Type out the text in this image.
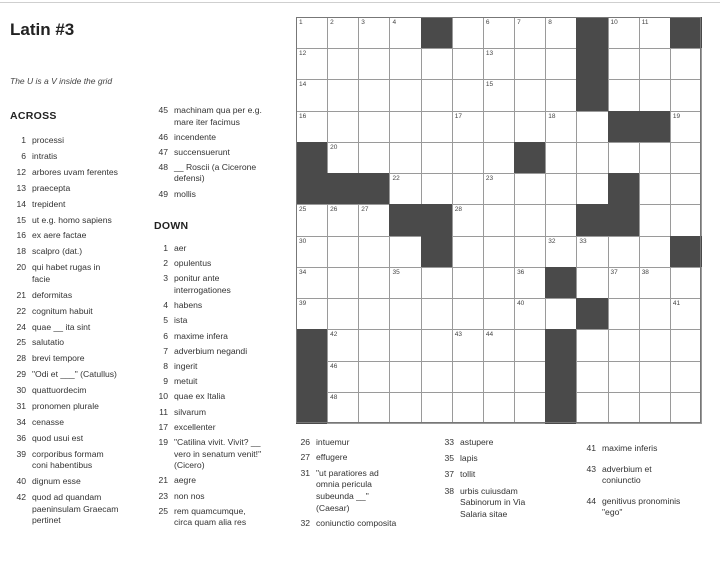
Latin #3
The U is a V inside the grid
ACROSS
DOWN
1 processi
6 intratis
12 arbores uvam ferentes
13 praecepta
14 trepident
15 ut e.g. homo sapiens
16 ex aere factae
18 scalpro (dat.)
20 qui habet rugas in
facie
21 deformitas
22 cognitum habuit
24 quae __ ita sint
25 salutatio
28 brevi tempore
29 "Odi et ___" (Catullus)
30 quattuordecim
31 pronomen plurale
34 cenasse
36 quod usui est
39 corporibus formam
coni habentibus
40 dignum esse
42 quod ad quandam
paeninsulam Graecam
pertinet
45 machinam qua per e.g.
mare iter facimus
46 incendente
47 succensuerunt
48 __ Roscii (a Cicerone
defensi)
49 mollis
1 aer
2 opulentus
3 ponitur ante
interrogationes
4 habens
5 ista
6 maxime infera
7 adverbium negandi
8 ingerit
9 metuit
10 quae ex Italia
11 silvarum
17 excellenter
19 "Catilina vivit. Vivit? __
vero in senatum venit!"
(Cicero)
21 aegre
23 non nos
25 rem quamcumque,
circa quam alia res
26 intuemur
27 effugere
31 "ut paratiores ad
omnia pericula
subeunda __"
(Caesar)
32 coniunctio composita
33 astupere
35 lapis
37 tollit
38 urbis cuiusdam
Sabinorum in Via
Salaria sitae
41 maxime inferis
43 adverbium et
coniunctio
44 genitivus pronominis
"ego"
1	2	3	4	6	7	8	10	11
12	13
14	15
16	17	18	19
20
22	23
25	26	27	28
30	32	33
34	35	36	37	38
39	40	41
42	43	44
46
48
